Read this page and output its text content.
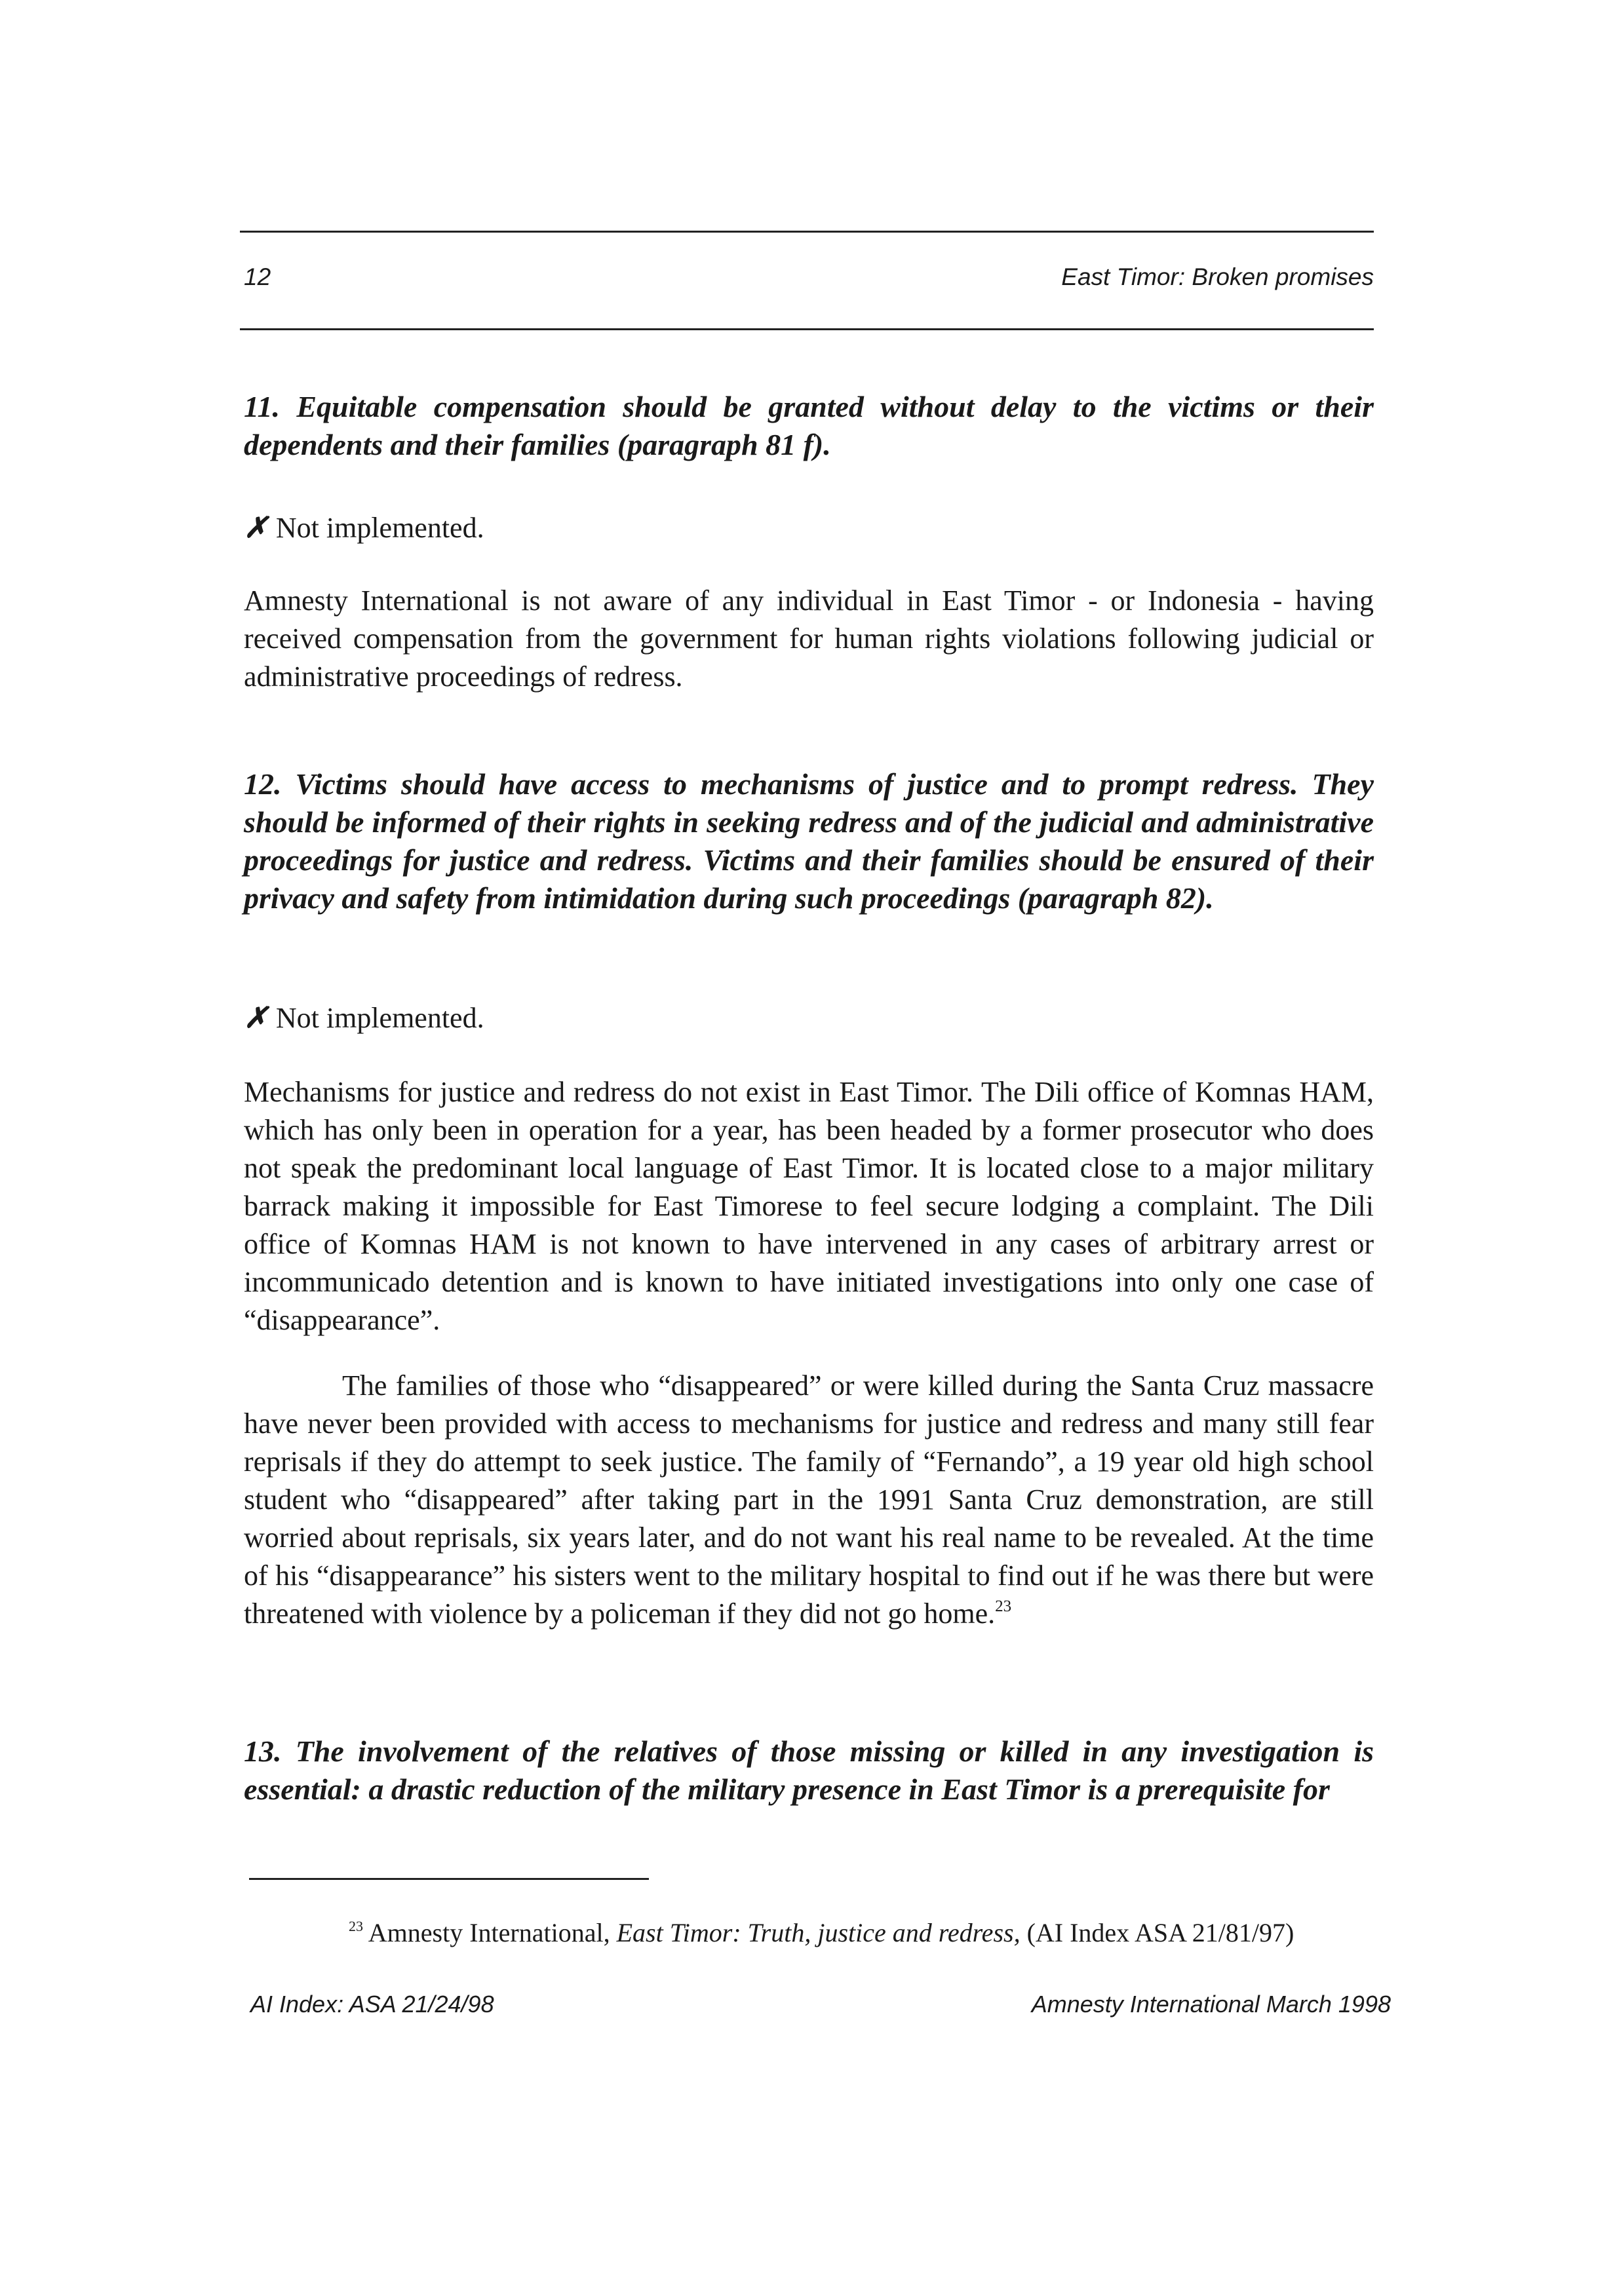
12	East Timor: Broken promises

11. Equitable compensation should be granted without delay to the victims or their dependents and their families (paragraph 81 f).

✗ Not implemented.

Amnesty International is not aware of any individual in East Timor - or Indonesia - having received compensation from the government for human rights violations following judicial or administrative proceedings of redress.

12. Victims should have access to mechanisms of justice and to prompt redress. They should be informed of their rights in seeking redress and of the judicial and administrative proceedings for justice and redress. Victims and their families should be ensured of their privacy and safety from intimidation during such proceedings (paragraph 82).

✗ Not implemented.

Mechanisms for justice and redress do not exist in East Timor. The Dili office of Komnas HAM, which has only been in operation for a year, has been headed by a former prosecutor who does not speak the predominant local language of East Timor. It is located close to a major military barrack making it impossible for East Timorese to feel secure lodging a complaint. The Dili office of Komnas HAM is not known to have intervened in any cases of arbitrary arrest or incommunicado detention and is known to have initiated investigations into only one case of “disappearance”.

The families of those who “disappeared” or were killed during the Santa Cruz massacre have never been provided with access to mechanisms for justice and redress and many still fear reprisals if they do attempt to seek justice. The family of “Fernando”, a 19 year old high school student who “disappeared” after taking part in the 1991 Santa Cruz demonstration, are still worried about reprisals, six years later, and do not want his real name to be revealed. At the time of his “disappearance” his sisters went to the military hospital to find out if he was there but were threatened with violence by a policeman if they did not go home.$^{23}$

13. The involvement of the relatives of those missing or killed in any investigation is essential: a drastic reduction of the military presence in East Timor is a prerequisite for

$^{23}$ Amnesty International, East Timor: Truth, justice and redress, (AI Index ASA 21/81/97)
AI Index: ASA 21/24/98	Amnesty International March 1998
